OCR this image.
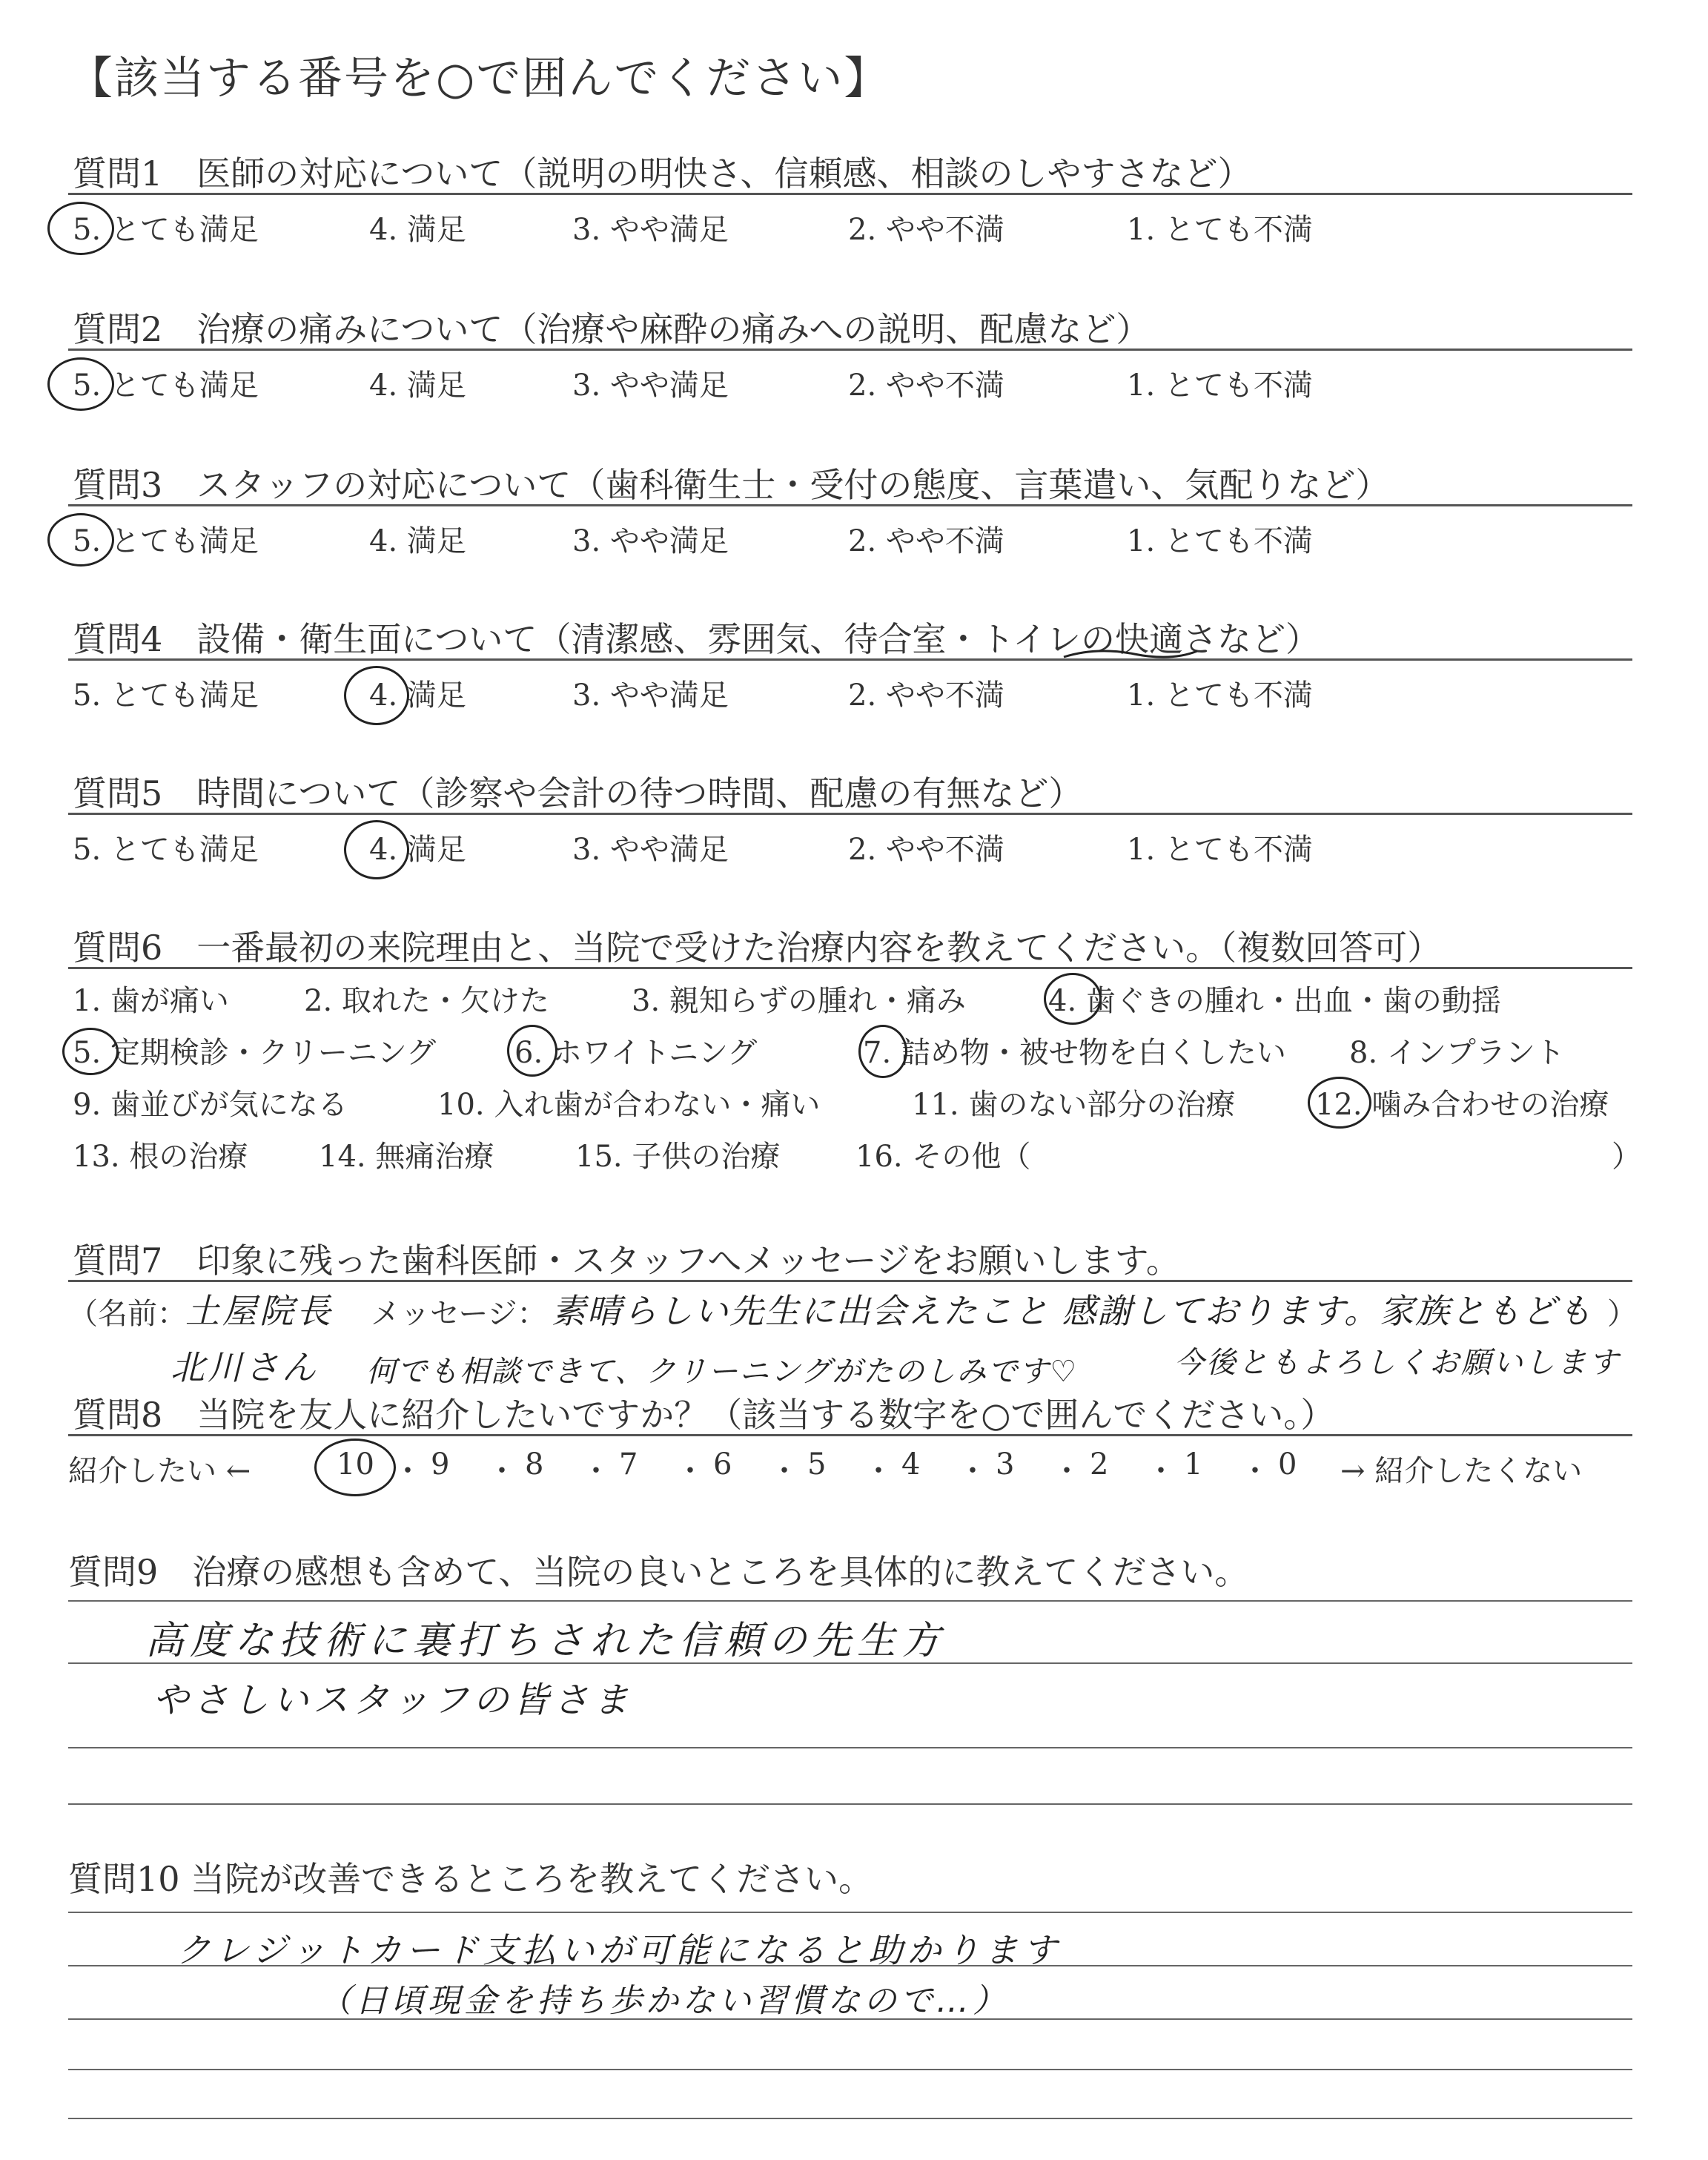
【該当する番号を○で囲んでください】
質問1　医師の対応について（説明の明快さ、信頼感、相談のしやすさなど）
5. とても満足	4. 満足	3. やや満足	2. やや不満	1. とても不満
質問2　治療の痛みについて（治療や麻酔の痛みへの説明、配慮など）
5. とても満足	4. 満足	3. やや満足	2. やや不満	1. とても不満
質問3　スタッフの対応について（歯科衛生士・受付の態度、言葉遣い、気配りなど）
5. とても満足	4. 満足	3. やや満足	2. やや不満	1. とても不満
質問4　設備・衛生面について（清潔感、雰囲気、待合室・トイレの快適さなど）
5. とても満足	4. 満足	3. やや満足	2. やや不満	1. とても不満
質問5　時間について（診察や会計の待つ時間、配慮の有無など）
5. とても満足	4. 満足	3. やや満足	2. やや不満	1. とても不満
質問6　一番最初の来院理由と、当院で受けた治療内容を教えてください。（複数回答可）
1. 歯が痛い	2. 取れた・欠けた	3. 親知らずの腫れ・痛み	4. 歯ぐきの腫れ・出血・歯の動揺
5. 定期検診・クリーニング	6. ホワイトニング	7. 詰め物・被せ物を白くしたい 8. インプラント
9. 歯並びが気になる	10. 入れ歯が合わない・痛い	11. 歯のない部分の治療	12. 噛み合わせの治療
13. 根の治療 14. 無痛治療	15. 子供の治療	16. その他（	）
質問7　印象に残った歯科医師・スタッフへメッセージをお願いします。
（名前：	メッセージ：	）
土屋院長
北川さん
素晴らしい先生に出会えたこと 感謝しております。家族ともども
今後ともよろしくお願いします
何でも相談できて、クリーニングがたのしみです♡
質問8　当院を友人に紹介したいですか？（該当する数字を○で囲んでください。）
紹介したい ←	→ 紹介したくない
10 ・ 9 ・ 8 ・ 7 ・ 6 ・ 5 ・ 4 ・ 3 ・ 2 ・ 1 ・ 0
質問9　治療の感想も含めて、当院の良いところを具体的に教えてください。
高度な技術に裏打ちされた信頼の先生方
やさしいスタッフの皆さま
質問10 当院が改善できるところを教えてください。
クレジットカード支払いが可能になると助かります
（日頃現金を持ち歩かない習慣なので…）
